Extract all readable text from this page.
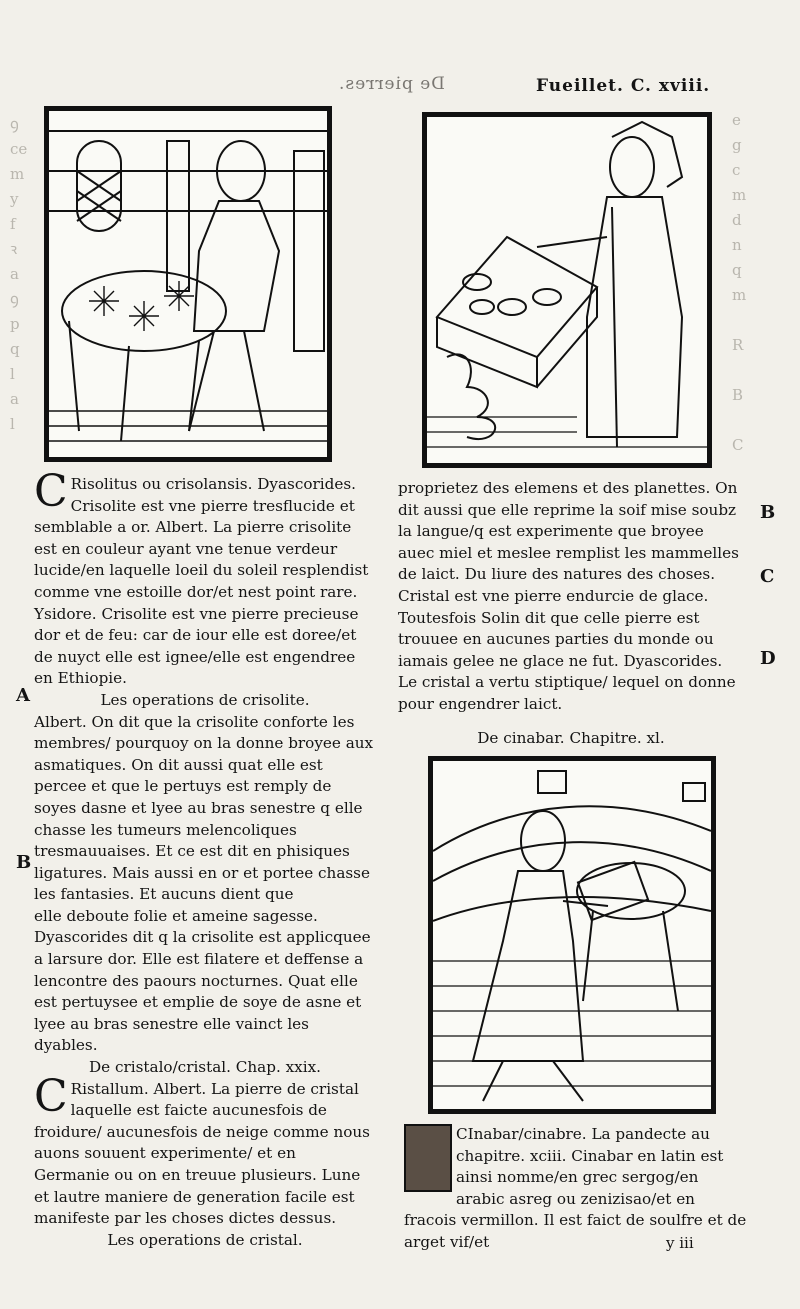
ꝯ
ce
m
y
f
ꝛ
a
ꝯ
p
q
l
a
l
e
g
c
m
d
n
q
m

R

B

C
De pierres.	Fueillet. C. xviii.

C Risolitus ou crisolansis. Dyascorides. Crisolite est vne pierre tresflucide et semblable a or. Albert. La pierre crisolite est en couleur ayant vne tenue verdeur lucide/en laquelle loeil du soleil resplendist comme vne estoille dor/et nest point rare. Ysidore. Crisolite est vne pierre precieuse dor et de feu: car de iour elle est doree/et de nuyct elle est ignee/elle est engendree en Ethiopie.

Les operations de crisolite.

Albert. On dit que la crisolite conforte les membres/ pourquoy on la donne broyee aux asmatiques. On dit aussi quat elle est percee et que le pertuys est remply de soyes dasne et lyee au bras senestre q elle chasse les tumeurs melencoliques tresmauuaises. Et ce est dit en phisiques ligatures. Mais aussi en or et portee chasse les fantasies. Et aucuns dient que

elle deboute folie et ameine sagesse. Dyascorides dit q la crisolite est applicquee a larsure dor. Elle est filatere et deffense a lencontre des paours nocturnes. Quat elle est pertuysee et emplie de soye de asne et lyee au bras senestre elle vainct les dyables.

De cristalo/cristal. Chap. xxix.

C Ristallum. Albert. La pierre de cristal laquelle est faicte aucunesfois de froidure/ aucunesfois de neige comme nous auons souuent experimente/ et en Germanie ou on en treuue plusieurs. Lune et lautre maniere de generation facile est manifeste par les choses dictes dessus.

Les operations de cristal.

A
B

proprietez des elemens et des planettes. On dit aussi que elle reprime la soif mise soubz la langue/q est experimente que broyee auec miel et meslee remplist les mammelles de laict. Du liure des natures des choses. Cristal est vne pierre endurcie de glace. Toutesfois Solin dit que celle pierre est trouuee en aucunes parties du monde ou iamais gelee ne glace ne fut. Dyascorides. Le cristal a vertu stiptique/ lequel on donne pour engendrer laict.

De cinabar. Chapitre. xl.

B
C
D

CInabar/cinabre. La pandecte au chapitre. xciii. Cinabar en latin est ainsi nomme/en grec sergog/en arabic asreg ou zenizisao/et en fracois vermillon. Il est faict de soulfre et de arget vif/et	y iii
